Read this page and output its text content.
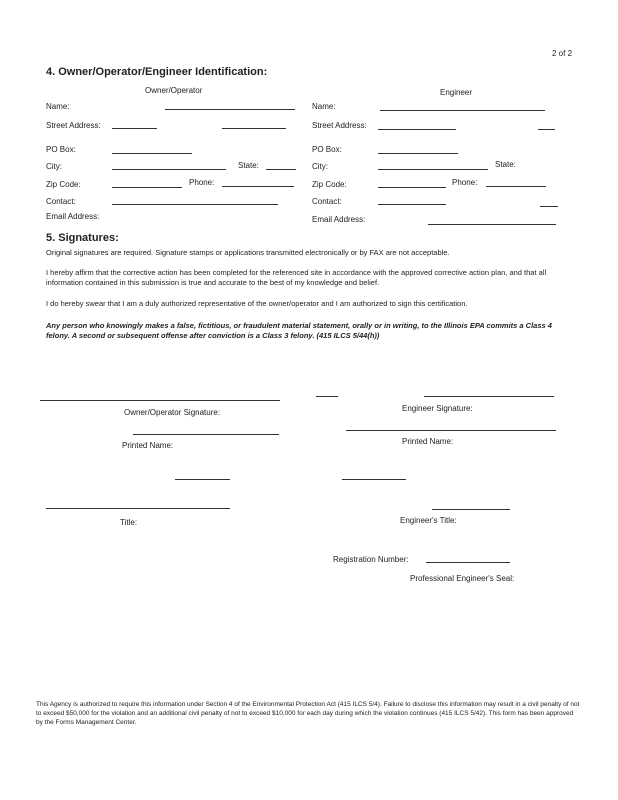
2 of 2
4. Owner/Operator/Engineer Identification:
Owner/Operator	Engineer
Name:
Street Address:
PO Box:
City:	State:
Zip Code:	Phone:
Contact:
Email Address:
Name:
Street Address:
PO Box:
City:	State:
Zip Code:	Phone:
Contact:
Email Address:
5. Signatures:
Original signatures are required. Signature stamps or applications transmitted electronically or by FAX are not acceptable.
I hereby affirm that the corrective action has been completed for the referenced site in accordance with the approved corrective action plan, and that all information contained in this submission is true and accurate to the best of my knowledge and belief.
I do hereby swear that I am a duly authorized representative of the owner/operator and I am authorized to sign this certification.
Any person who knowingly makes a false, fictitious, or fraudulent material statement, orally or in writing, to the Illinois EPA commits a Class 4 felony. A second or subsequent offense after conviction is a Class 3 felony. (415 ILCS 5/44(h))
Owner/Operator Signature:	Engineer Signature:
Printed Name:	Printed Name:
Title:	Engineer's Title:
Registration Number:
Professional Engineer's Seal:
This Agency is authorized to require this information under Section 4 of the Environmental Protection Act (415 ILCS 5/4). Failure to disclose this information may result in a civil penalty of not to exceed $50,000 for the violation and an additional civil penalty of not to exceed $10,000 for each day during which the violation continues (415 ILCS 5/42). This form has been approved by the Forms Management Center.
